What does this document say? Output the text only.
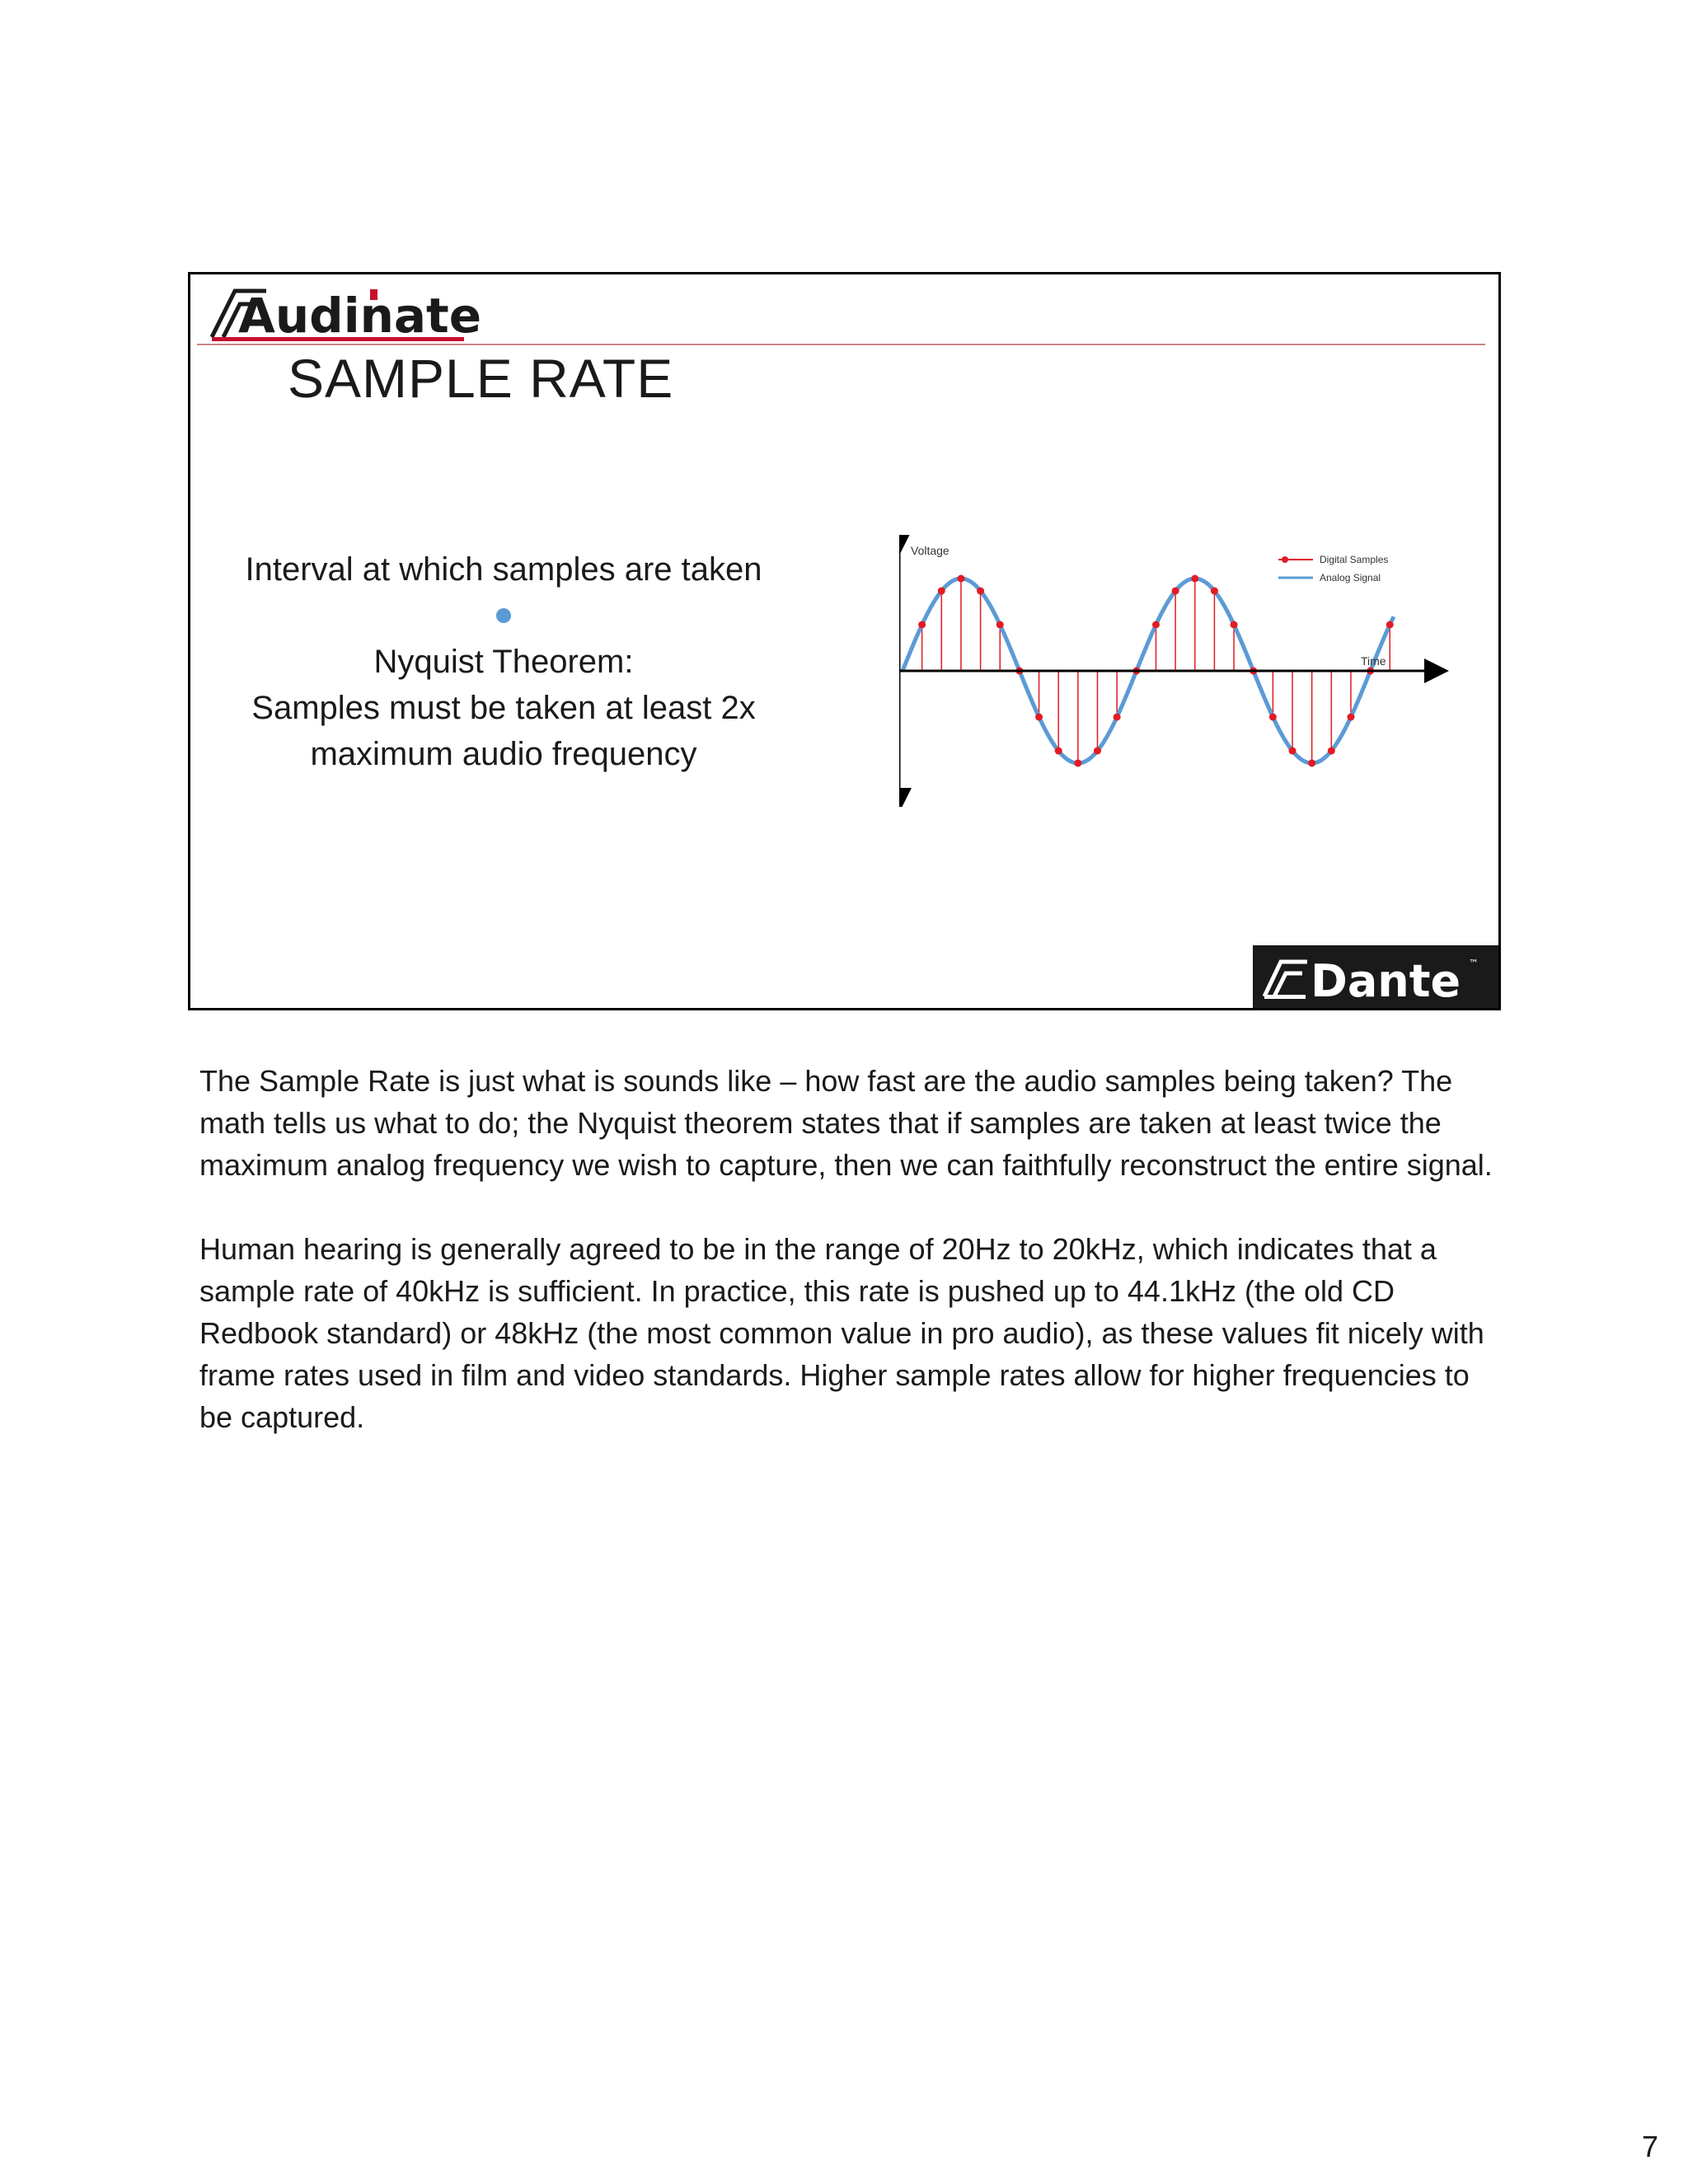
Audinate
SAMPLE RATE
Interval at which samples are taken
Nyquist Theorem:
Samples must be taken at least 2x maximum audio frequency
Voltage
Time
Digital Samples
Analog Signal
Dante ™

The Sample Rate is just what is sounds like – how fast are the audio samples being taken? The math tells us what to do; the Nyquist theorem states that if samples are taken at least twice the maximum analog frequency we wish to capture, then we can faithfully reconstruct the entire signal.

Human hearing is generally agreed to be in the range of 20Hz to 20kHz, which indicates that a sample rate of 40kHz is sufficient. In practice, this rate is pushed up to 44.1kHz (the old CD Redbook standard) or 48kHz (the most common value in pro audio), as these values fit nicely with frame rates used in film and video standards. Higher sample rates allow for higher frequencies to be captured.

7
